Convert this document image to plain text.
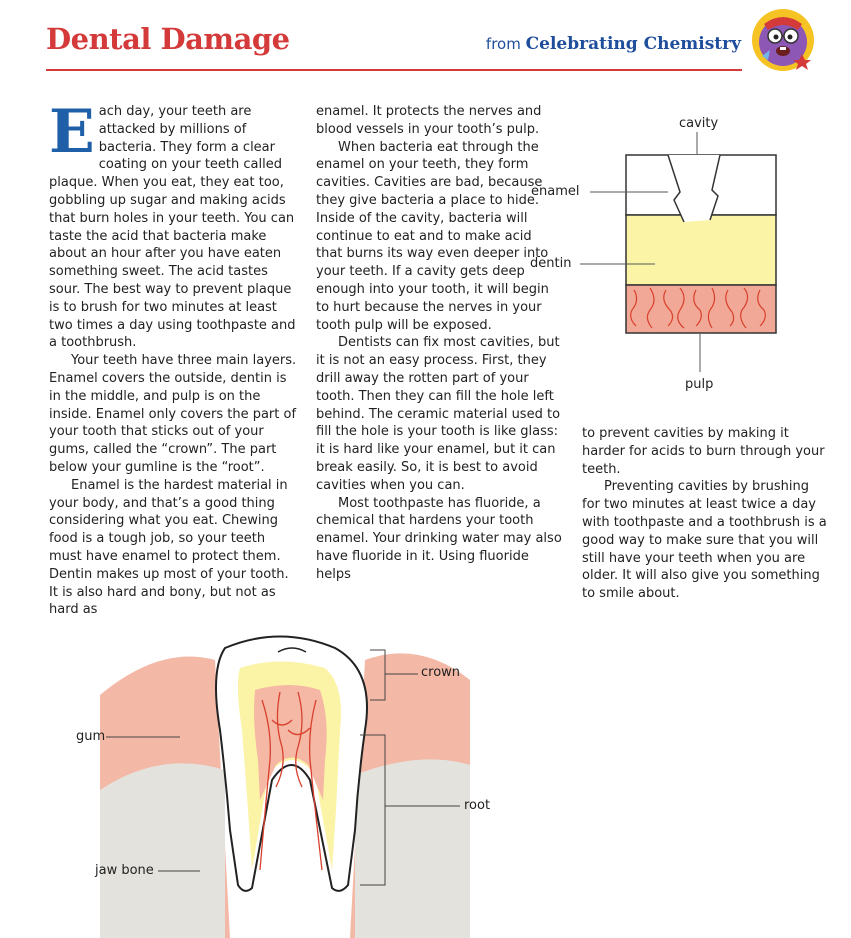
Dental Damage	from Celebrating Chemistry
E ach day, your teeth are attacked by millions of bacteria. They form a clear coating on your teeth called plaque. When you eat, they eat too, gobbling up sugar and making acids that burn holes in your teeth. You can taste the acid that bacteria make about an hour after you have eaten something sweet. The acid tastes sour. The best way to prevent plaque is to brush for two minutes at least two times a day using toothpaste and a toothbrush.

Your teeth have three main layers. Enamel covers the outside, dentin is in the middle, and pulp is on the inside. Enamel only covers the part of your tooth that sticks out of your gums, called the “crown”. The part below your gumline is the “root”.

Enamel is the hardest material in your body, and that’s a good thing considering what you eat. Chewing food is a tough job, so your teeth must have enamel to protect them. Dentin makes up most of your tooth. It is also hard and bony, but not as hard as

enamel. It protects the nerves and blood vessels in your tooth’s pulp.

When bacteria eat through the enamel on your teeth, they form cavities. Cavities are bad, because they give bacteria a place to hide. Inside of the cavity, bacteria will continue to eat and to make acid that burns its way even deeper into your teeth. If a cavity gets deep enough into your tooth, it will begin to hurt because the nerves in your tooth pulp will be exposed.

Dentists can fix most cavities, but it is not an easy process. First, they drill away the rotten part of your tooth. Then they can fill the hole left behind. The ceramic material used to fill the hole is your tooth is like glass: it is hard like your enamel, but it can break easily. So, it is best to avoid cavities when you can.

Most toothpaste has fluoride, a chemical that hardens your tooth enamel. Your drinking water may also have fluoride in it. Using fluoride helps

to prevent cavities by making it harder for acids to burn through your teeth.

Preventing cavities by brushing for two minutes at least twice a day with toothpaste and a toothbrush is a good way to make sure that you will still have your teeth when you are older. It will also give you something to smile about.

cavity
enamel
dentin
pulp
crown
gum
root
jaw bone
